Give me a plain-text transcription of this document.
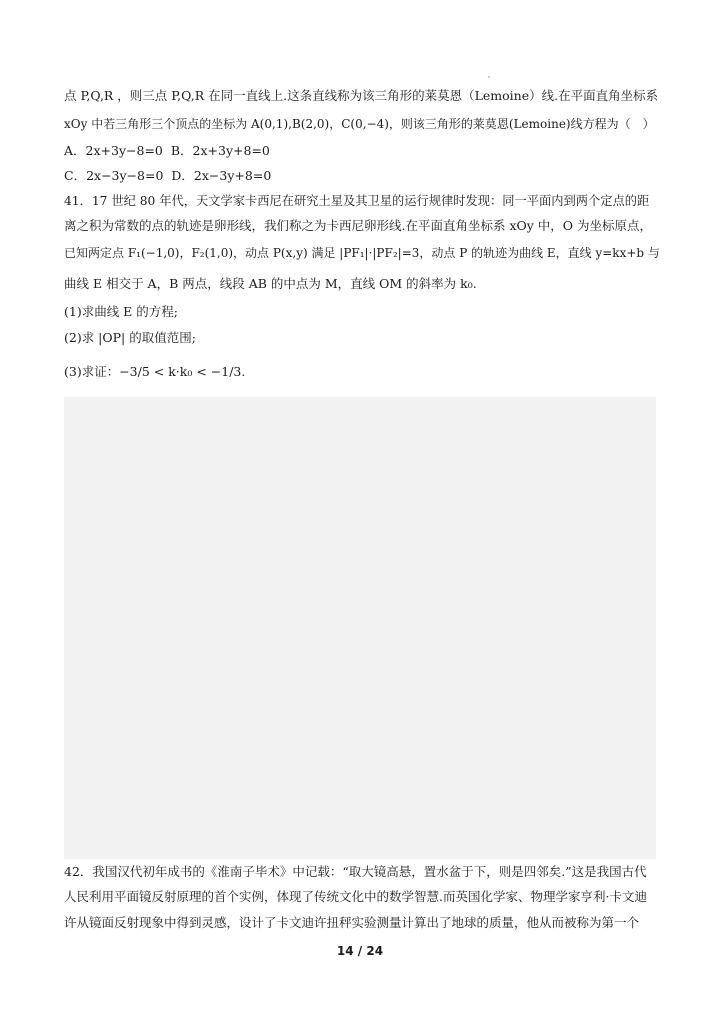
点 P,Q,R ，则三点 P,Q,R 在同一直线上.这条直线称为该三角形的莱莫恩（Lemoine）线.在平面直角坐标系
xOy 中若三角形三个顶点的坐标为 A(0,1),B(2,0)，C(0,−4)，则该三角形的莱莫恩(Lemoine)线方程为（　）
A．2x+3y−8=0 B．2x+3y+8=0
C．2x−3y−8=0 D．2x−3y+8=0
41．17 世纪 80 年代，天文学家卡西尼在研究土星及其卫星的运行规律时发现：同一平面内到两个定点的距
离之积为常数的点的轨迹是卵形线，我们称之为卡西尼卵形线.在平面直角坐标系 xOy 中，O 为坐标原点，
已知两定点 F₁(−1,0)，F₂(1,0)，动点 P(x,y) 满足 |PF₁|·|PF₂|=3，动点 P 的轨迹为曲线 E，直线 y=kx+b 与
曲线 E 相交于 A，B 两点，线段 AB 的中点为 M，直线 OM 的斜率为 k₀.
(1)求曲线 E 的方程;
(2)求 |OP| 的取值范围;
(3)求证：−3/5 < k·k₀ < −1/3.
42．我国汉代初年成书的《淮南子毕术》中记载：“取大镜高悬，置水盆于下，则是四邻矣.”这是我国古代
人民利用平面镜反射原理的首个实例，体现了传统文化中的数学智慧.而英国化学家、物理学家亨利·卡文迪
许从镜面反射现象中得到灵感，设计了卡文迪许扭秤实验测量计算出了地球的质量，他从而被称为第一个
14 / 24
